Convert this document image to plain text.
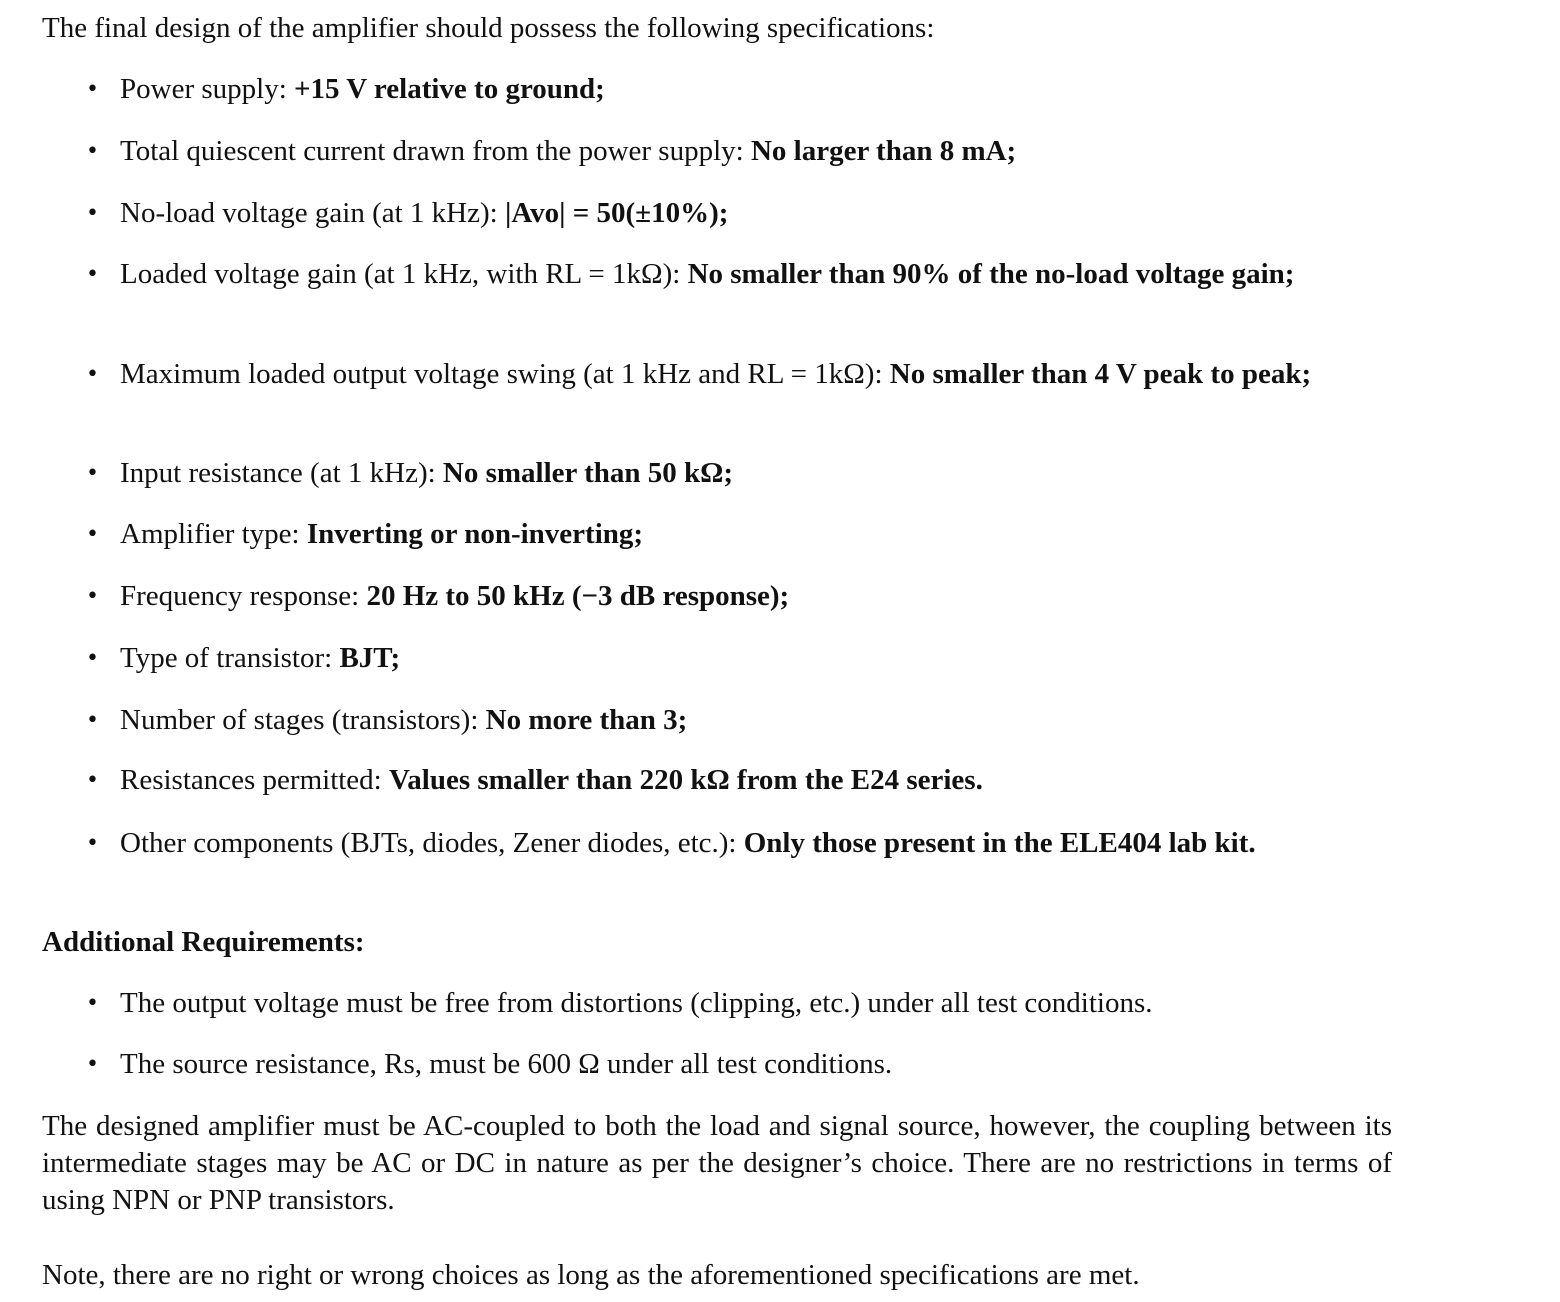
The final design of the amplifier should possess the following specifications:
• Power supply: +15 V relative to ground;
• Total quiescent current drawn from the power supply: No larger than 8 mA;
• No-load voltage gain (at 1 kHz): |Avo| = 50(±10%);
• Loaded voltage gain (at 1 kHz, with RL = 1kΩ): No smaller than 90% of the no-load voltage gain;
• Maximum loaded output voltage swing (at 1 kHz and RL = 1kΩ): No smaller than 4 V peak to peak;
• Input resistance (at 1 kHz): No smaller than 50 kΩ;
• Amplifier type: Inverting or non-inverting;
• Frequency response: 20 Hz to 50 kHz (−3 dB response);
• Type of transistor: BJT;
• Number of stages (transistors): No more than 3;
• Resistances permitted: Values smaller than 220 kΩ from the E24 series.
• Other components (BJTs, diodes, Zener diodes, etc.): Only those present in the ELE404 lab kit.
Additional Requirements:
• The output voltage must be free from distortions (clipping, etc.) under all test conditions.
• The source resistance, Rs, must be 600 Ω under all test conditions.
The designed amplifier must be AC-coupled to both the load and signal source, however, the coupling between its intermediate stages may be AC or DC in nature as per the designer’s choice. There are no restrictions in terms of using NPN or PNP transistors.
Note, there are no right or wrong choices as long as the aforementioned specifications are met.
